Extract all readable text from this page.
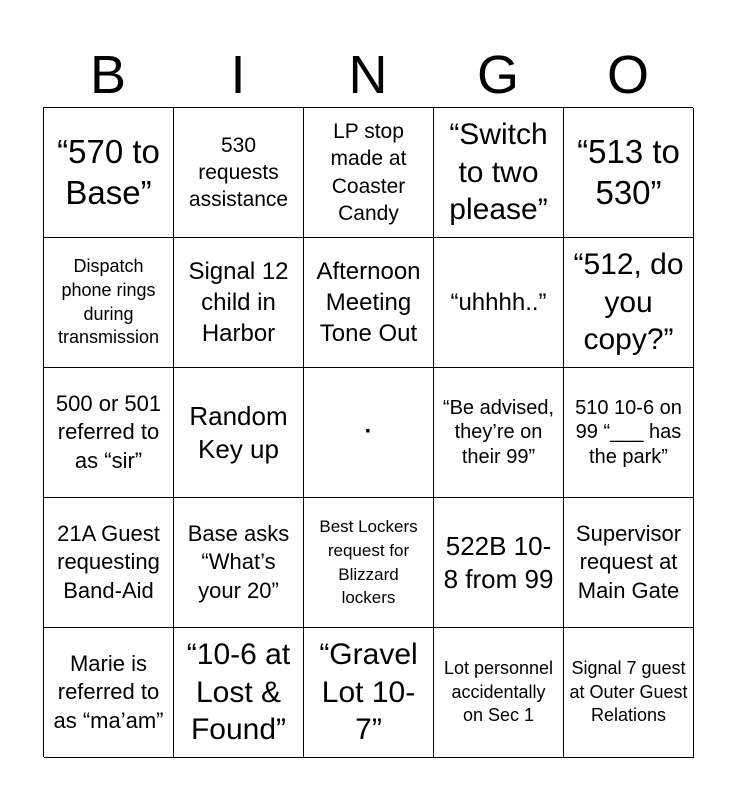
B	I	N	G	O
“570 to Base”
530 requests assistance
LP stop made at Coaster Candy
“Switch to two please”
“513 to 530”
Dispatch phone rings during transmission
Signal 12 child in Harbor
Afternoon Meeting Tone Out
“uhhhh..”
“512, do you copy?”
500 or 501 referred to as “sir”
Random Key up
·
“Be advised, they’re on their 99”
510 10-6 on 99 “___ has the park”
21A Guest requesting Band-Aid
Base asks “What’s your 20”
Best Lockers request for Blizzard lockers
522B 10-8 from 99
Supervisor request at Main Gate
Marie is referred to as “ma’am”
“10-6 at Lost & Found”
“Gravel Lot 10-7”
Lot personnel accidentally on Sec 1
Signal 7 guest at Outer Guest Relations
